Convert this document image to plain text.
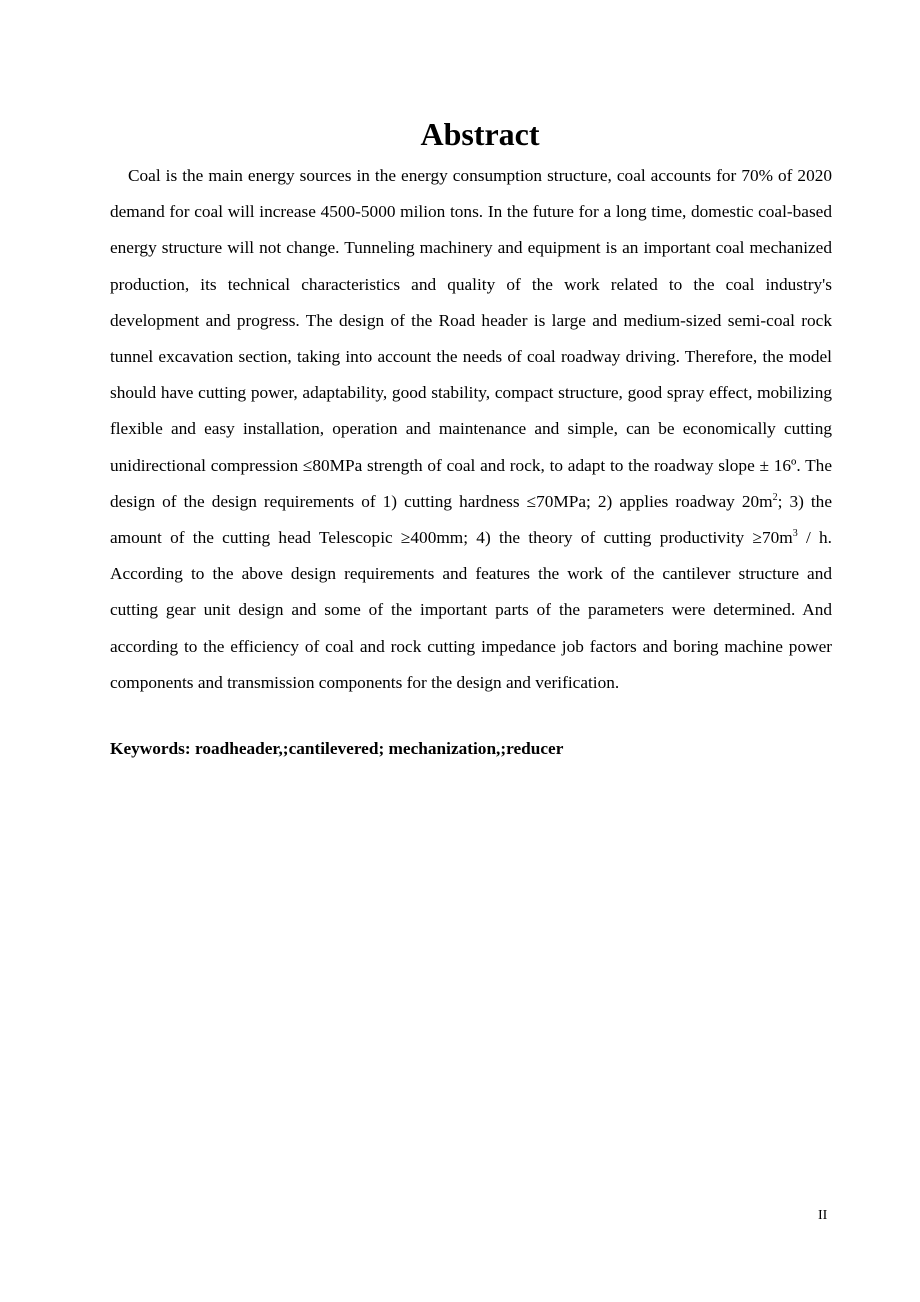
Abstract

Coal is the main energy sources in the energy consumption structure, coal accounts for 70% of 2020 demand for coal will increase 4500-5000 milion tons. In the future for a long time, domestic coal-based energy structure will not change. Tunneling machinery and equipment is an important coal mechanized production, its technical characteristics and quality of the work related to the coal industry's development and progress. The design of the Road header is large and medium-sized semi-coal rock tunnel excavation section, taking into account the needs of coal roadway driving. Therefore, the model should have cutting power, adaptability, good stability, compact structure, good spray effect, mobilizing flexible and easy installation, operation and maintenance and simple, can be economically cutting unidirectional compression ≤80MPa strength of coal and rock, to adapt to the roadway slope ± 16º. The design of the design requirements of 1) cutting hardness ≤70MPa; 2) applies roadway $20m^2$; 3) the amount of the cutting head Telescopic ≥400mm; 4) the theory of cutting productivity $\ge 70m^3 / h$. According to the above design requirements and features the work of the cantilever structure and cutting gear unit design and some of the important parts of the parameters were determined. And according to the efficiency of coal and rock cutting impedance job factors and boring machine power components and transmission components for the design and verification.

Keywords: roadheader,;cantilevered; mechanization,;reducer

II
